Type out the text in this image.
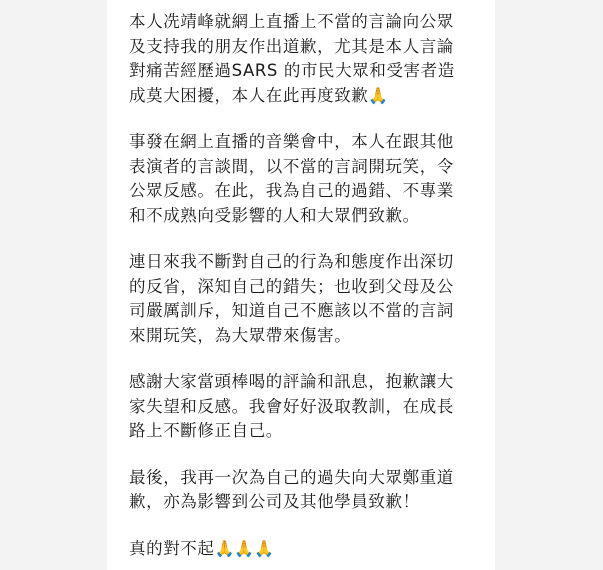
本人冼靖峰就網上直播上不當的言論向公眾
及支持我的朋友作出道歉，尤其是本人言論
對痛苦經歷過SARS 的市民大眾和受害者造
成莫大困擾，本人在此再度致歉🙏

事發在網上直播的音樂會中，本人在跟其他
表演者的言談間，以不當的言詞開玩笑，令
公眾反感。在此，我為自己的過錯、不專業
和不成熟向受影響的人和大眾們致歉。

連日來我不斷對自己的行為和態度作出深切
的反省，深知自己的錯失；也收到父母及公
司嚴厲訓斥，知道自己不應該以不當的言詞
來開玩笑，為大眾帶來傷害。

感謝大家當頭棒喝的評論和訊息，抱歉讓大
家失望和反感。我會好好汲取教訓，在成長
路上不斷修正自己。

最後，我再一次為自己的過失向大眾鄭重道
歉，亦為影響到公司及其他學員致歉！

真的對不起🙏🙏🙏
